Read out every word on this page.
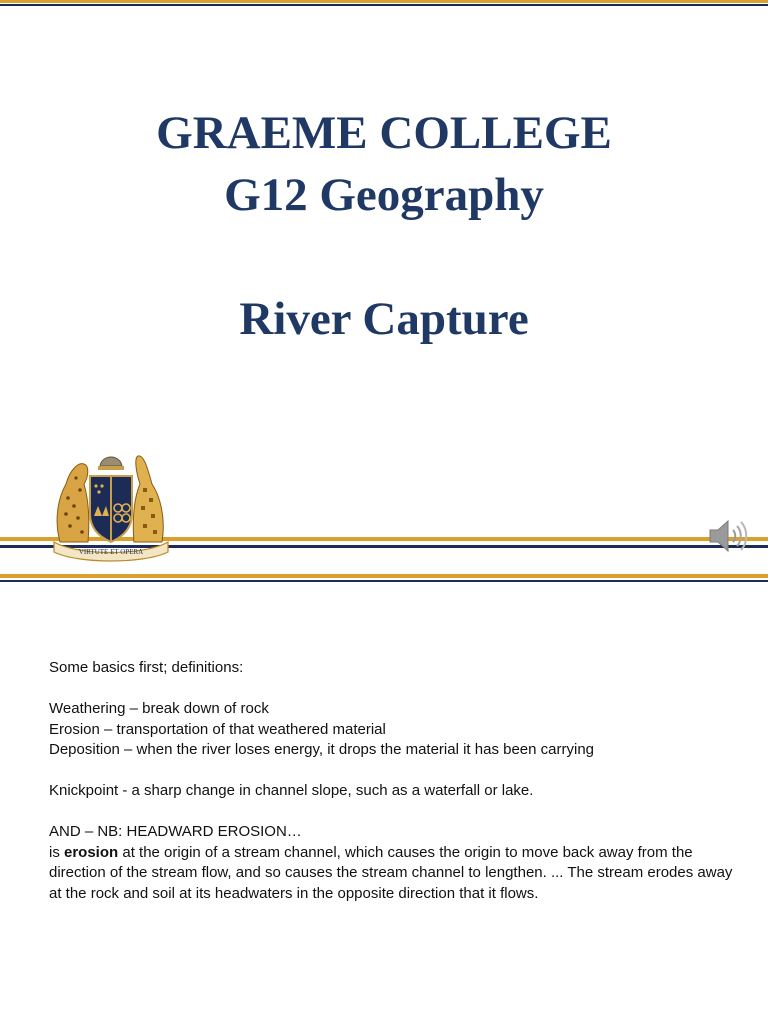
GRAEME COLLEGE
G12 Geography
River Capture
VIRTUTE ET OPERA

Some basics first; definitions:

Weathering – break down of rock

Erosion – transportation of that weathered material

Deposition – when the river loses energy, it drops the material it has been carrying

Knickpoint - a sharp change in channel slope, such as a waterfall or lake.

AND – NB: HEADWARD EROSION…

is erosion at the origin of a stream channel, which causes the origin to move back away from the direction of the stream flow, and so causes the stream channel to lengthen. ... The stream erodes away at the rock and soil at its headwaters in the opposite direction that it flows.
